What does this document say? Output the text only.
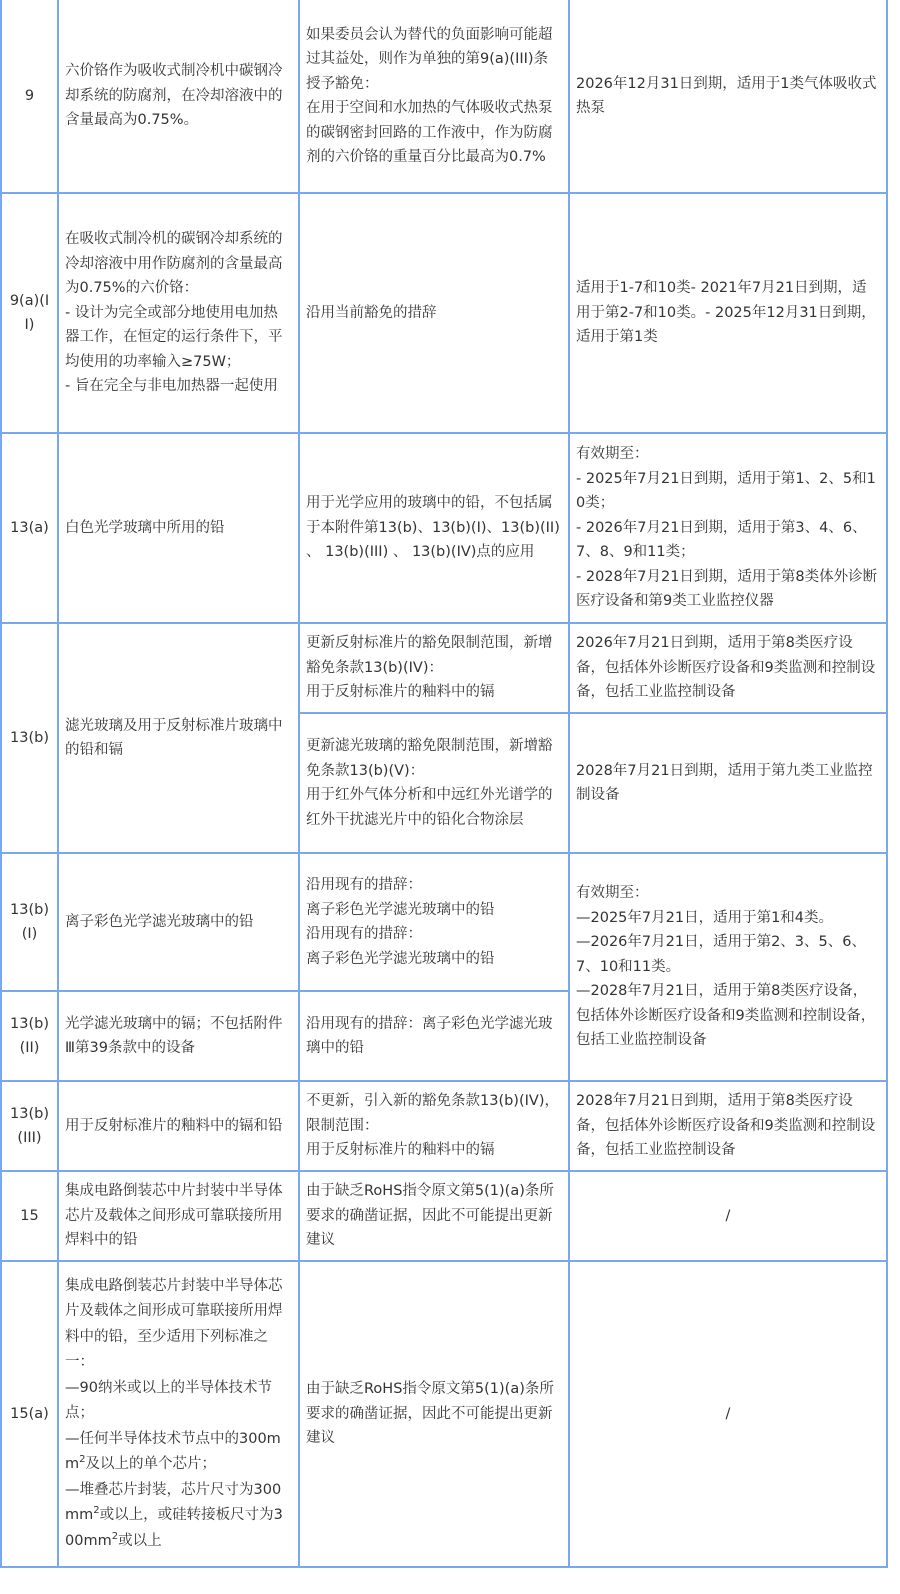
9	六价铬作为吸收式制冷机中碳钢冷却系统的防腐剂，在冷却溶液中的含量最高为0.75%。	如果委员会认为替代的负面影响可能超过其益处，则作为单独的第9(a)(III)条授予豁免：
在用于空间和水加热的气体吸收式热泵的碳钢密封回路的工作液中，作为防腐剂的六价铬的重量百分比最高为0.7%	2026年12月31日到期，适用于1类气体吸收式热泵
9(a)(II)	在吸收式制冷机的碳钢冷却系统的冷却溶液中用作防腐剂的含量最高为0.75%的六价铬：
- 设计为完全或部分地使用电加热器工作，在恒定的运行条件下，平均使用的功率输入≥75W；
- 旨在完全与非电加热器一起使用	沿用当前豁免的措辞	适用于1-7和10类- 2021年7月21日到期，适用于第2-7和10类。- 2025年12月31日到期，适用于第1类
13(a)	白色光学玻璃中所用的铅	用于光学应用的玻璃中的铅，不包括属于本附件第13(b)、13(b)(I)、13(b)(II) 、 13(b)(III) 、 13(b)(IV)点的应用	有效期至：
- 2025年7月21日到期，适用于第1、2、5和10类；
- 2026年7月21日到期，适用于第3、4、6、7、8、9和11类；
- 2028年7月21日到期，适用于第8类体外诊断医疗设备和第9类工业监控仪器

13(b)	滤光玻璃及用于反射标准片玻璃中的铅和镉	更新反射标准片的豁免限制范围，新增豁免条款13(b)(IV)：
用于反射标准片的釉料中的镉	2026年7月21日到期，适用于第8类医疗设备，包括体外诊断医疗设备和9类监测和控制设备，包括工业监控制设备

		更新滤光玻璃的豁免限制范围，新增豁免条款13(b)(V)：
用于红外气体分析和中远红外光谱学的红外干扰滤光片中的铅化合物涂层	2028年7月21日到期，适用于第九类工业监控制设备
13(b)(I)	离子彩色光学滤光玻璃中的铅	沿用现有的措辞：
离子彩色光学滤光玻璃中的铅
沿用现有的措辞：
离子彩色光学滤光玻璃中的铅	有效期至：
—2025年7月21日，适用于第1和4类。
—2026年7月21日，适用于第2、3、5、6、7、10和11类。
—2028年7月21日，适用于第8类医疗设备，包括体外诊断医疗设备和9类监测和控制设备，包括工业监控制设备

13(b)(II)	光学滤光玻璃中的镉；不包括附件Ⅲ第39条款中的设备	沿用现有的措辞：离子彩色光学滤光玻璃中的铅	
13(b)(III)	用于反射标准片的釉料中的镉和铅	不更新，引入新的豁免条款13(b)(IV)，限制范围：
用于反射标准片的釉料中的镉	2028年7月21日到期，适用于第8类医疗设备，包括体外诊断医疗设备和9类监测和控制设备，包括工业监控制设备
15	集成电路倒装芯中片封装中半导体芯片及载体之间形成可靠联接所用焊料中的铅	由于缺乏RoHS指令原文第5(1)(a)条所要求的确凿证据，因此不可能提出更新建议	/
15(a)	集成电路倒装芯片封装中半导体芯片及载体之间形成可靠联接所用焊料中的铅，至少适用下列标准之一：
—90纳米或以上的半导体技术节点；
—任何半导体技术节点中的$300mm^2$及以上的单个芯片；
—堆叠芯片封装，芯片尺寸为$300mm^2$或以上，或硅转接板尺寸为$300mm^2$或以上	由于缺乏RoHS指令原文第5(1)(a)条所要求的确凿证据，因此不可能提出更新建议	/
